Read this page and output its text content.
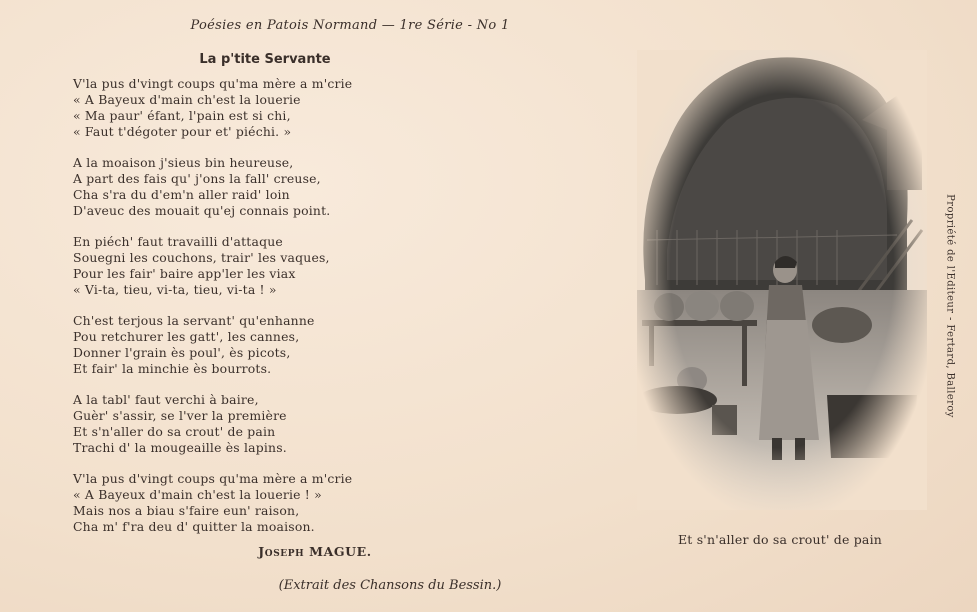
Poésies en Patois Normand — 1re Série - No 1
La p'tite Servante
V'la pus d'vingt coups qu'ma mère a m'crie
« A Bayeux d'main ch'est la louerie
« Ma paur' éfant, l'pain est si chi,
« Faut t'dégoter pour et' piéchi. »
A la moaison j'sieus bin heureuse,
A part des fais qu' j'ons la fall' creuse,
Cha s'ra du d'em'n aller raid' loin
D'aveuc des mouait qu'ej connais point.
En piéch' faut travailli d'attaque
Souegni les couchons, trair' les vaques,
Pour les fair' baire app'ler les viax
« Vi-ta, tieu, vi-ta, tieu, vi-ta ! »
Ch'est terjous la servant' qu'enhanne
Pou retchurer les gatt', les cannes,
Donner l'grain ès poul', ès picots,
Et fair' la minchie ès bourrots.
A la tabl' faut verchi à baire,
Guèr' s'assir, se l'ver la première
Et s'n'aller do sa crout' de pain
Trachi d' la mougeaille ès lapins.
V'la pus d'vingt coups qu'ma mère a m'crie
« A Bayeux d'main ch'est la louerie ! »
Mais nos a biau s'faire eun' raison,
Cha m' f'ra deu d' quitter la moaison.
Joseph MAGUE.
(Extrait des Chansons du Bessin.)
Et s'n'aller do sa crout' de pain
Propriété de l'Editeur - Fertard, Balleroy
